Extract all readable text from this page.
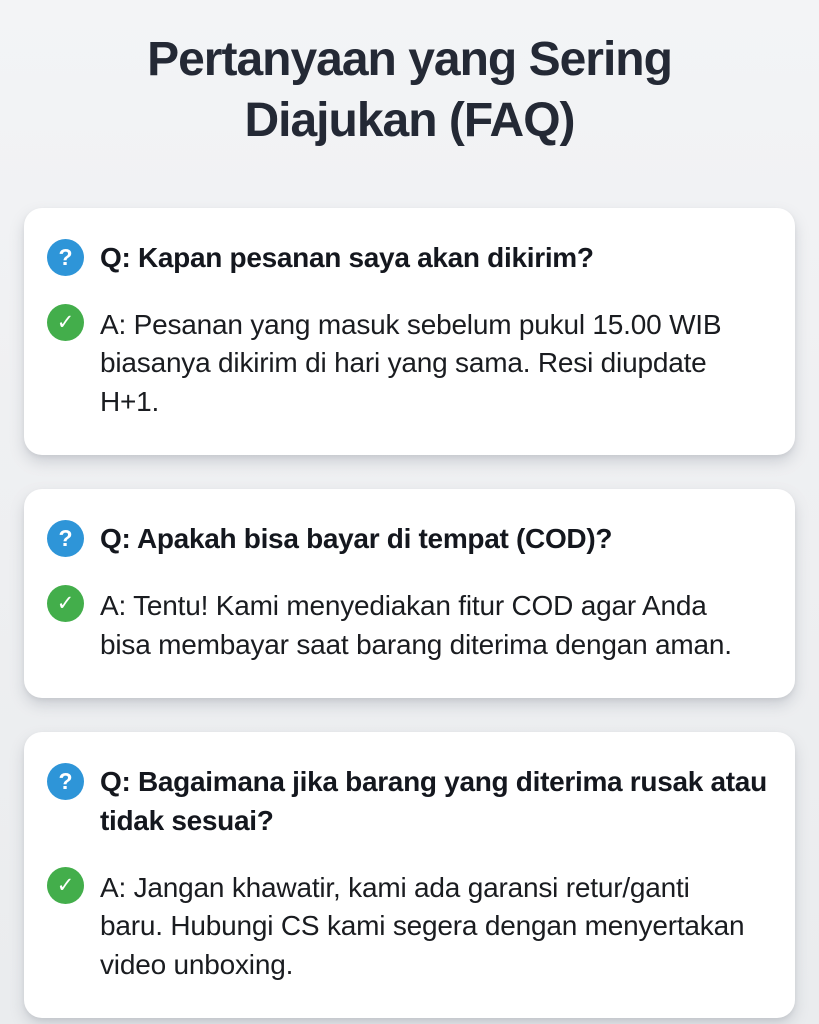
Pertanyaan yang Sering Diajukan (FAQ)
? Q: Kapan pesanan saya akan dikirim?
✓ A: Pesanan yang masuk sebelum pukul 15.00 WIB biasanya dikirim di hari yang sama. Resi diupdate H+1.
? Q: Apakah bisa bayar di tempat (COD)?
✓ A: Tentu! Kami menyediakan fitur COD agar Anda bisa membayar saat barang diterima dengan aman.
? Q: Bagaimana jika barang yang diterima rusak atau tidak sesuai?
✓ A: Jangan khawatir, kami ada garansi retur/​ganti baru. Hubungi CS kami segera dengan menyertakan video unboxing.
